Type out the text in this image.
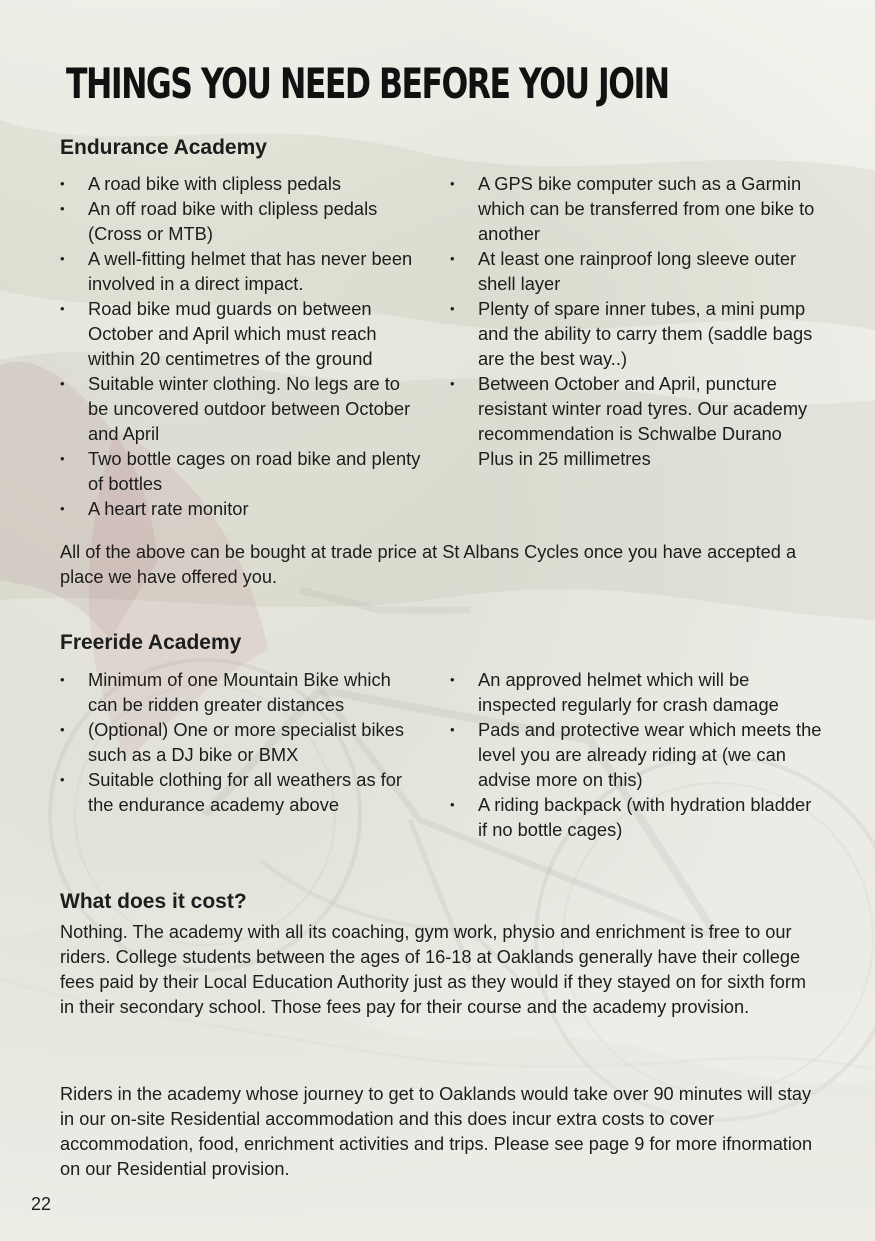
THINGS YOU NEED BEFORE YOU JOIN
Endurance Academy
• A road bike with clipless pedals
• An off road bike with clipless pedals (Cross or MTB)
• A well-fitting helmet that has never been involved in a direct impact.
• Road bike mud guards on between October and April which must reach within 20 centimetres of the ground
• Suitable winter clothing. No legs are to be uncovered outdoor between October and April
• Two bottle cages on road bike and plenty of bottles
• A heart rate monitor
• A GPS bike computer such as a Garmin which can be transferred from one bike to another
• At least one rainproof long sleeve outer shell layer
• Plenty of spare inner tubes, a mini pump and the ability to carry them (saddle bags are the best way..)
• Between October and April, puncture resistant winter road tyres. Our academy recommendation is Schwalbe Durano Plus in 25 millimetres

All of the above can be bought at trade price at St Albans Cycles once you have accepted a place we have offered you.

Freeride Academy
• Minimum of one Mountain Bike which can be ridden greater distances
• (Optional) One or more specialist bikes such as a DJ bike or BMX
• Suitable clothing for all weathers as for the endurance academy above
• An approved helmet which will be inspected regularly for crash damage
• Pads and protective wear which meets the level you are already riding at (we can advise more on this)
• A riding backpack (with hydration bladder if no bottle cages)
What does it cost?

Nothing. The academy with all its coaching, gym work, physio and enrichment is free to our riders. College students between the ages of 16-18 at Oaklands generally have their college fees paid by their Local Education Authority just as they would if they stayed on for sixth form in their secondary school. Those fees pay for their course and the academy provision.

Riders in the academy whose journey to get to Oaklands would take over 90 minutes will stay in our on-site Residential accommodation and this does incur extra costs to cover accommodation, food, enrichment activities and trips. Please see page 9 for more ifnormation on our Residential provision.

22
